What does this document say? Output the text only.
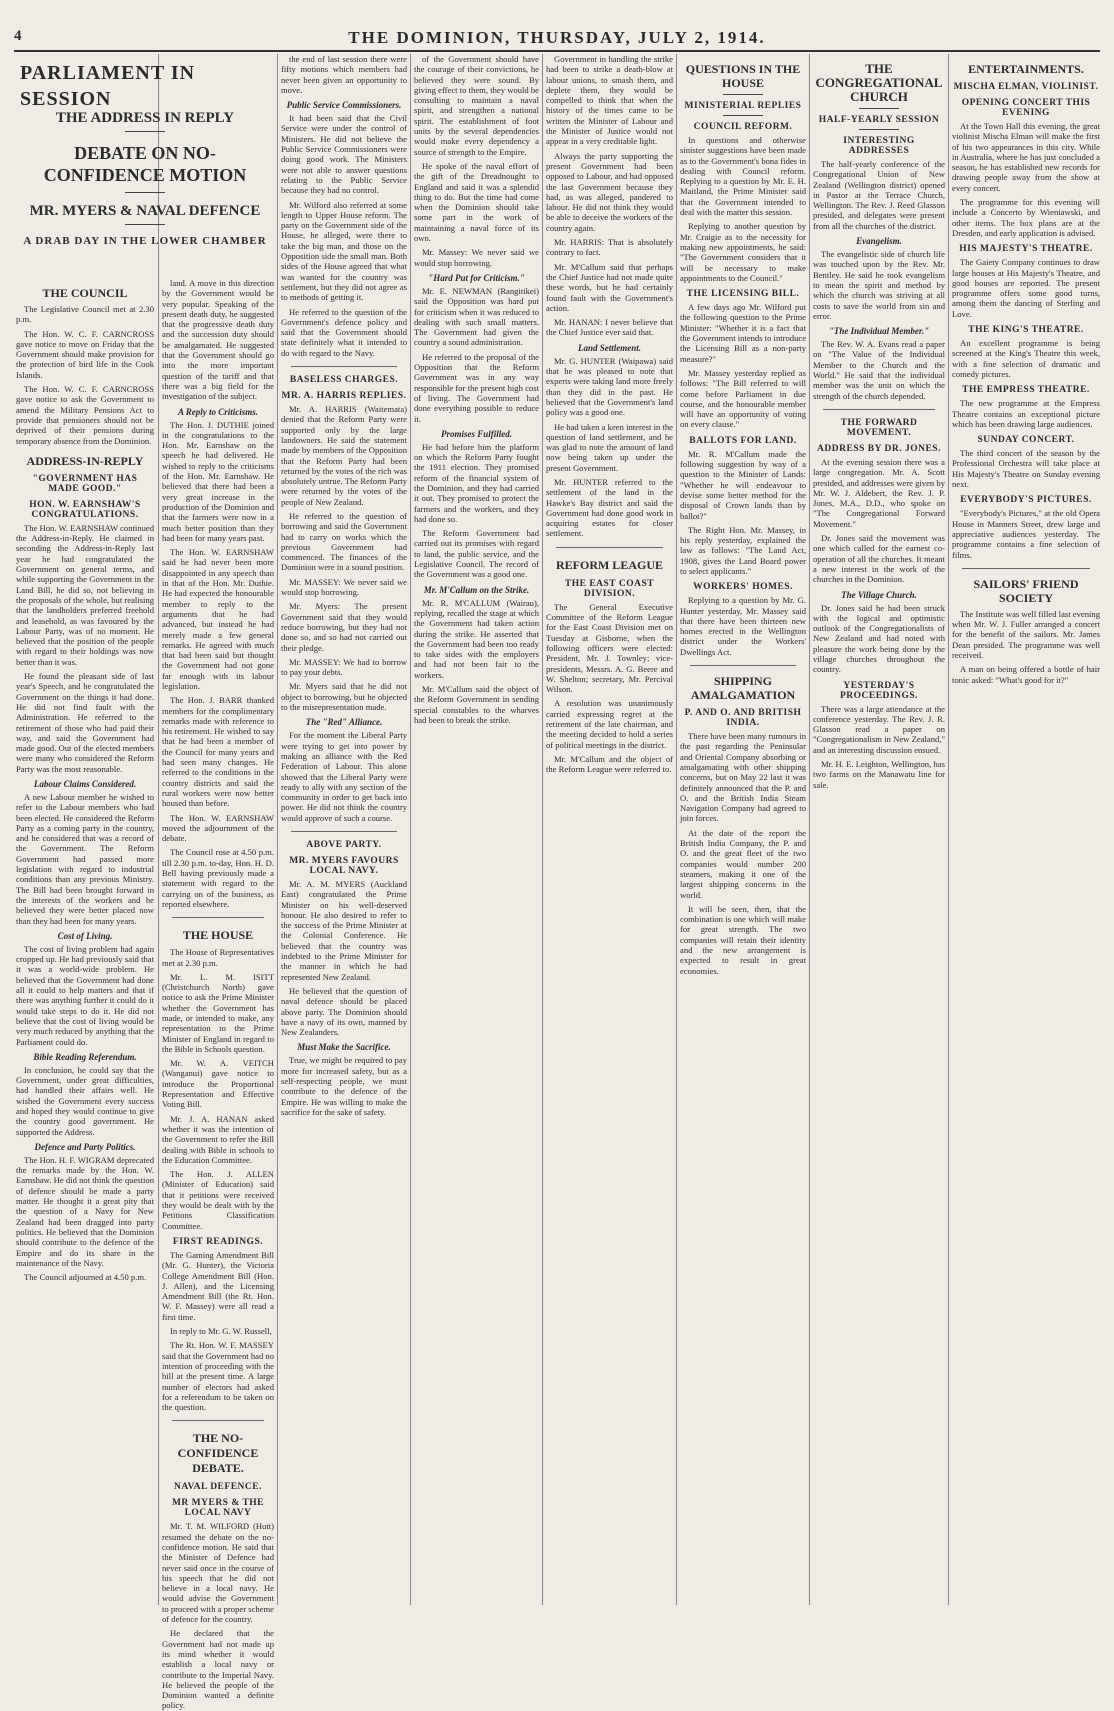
4	THE DOMINION, THURSDAY, JULY 2, 1914.
PARLIAMENT IN SESSION
THE ADDRESS IN REPLY
DEBATE ON NO-CONFIDENCE MOTION
MR. MYERS & NAVAL DEFENCE
A DRAB DAY IN THE LOWER CHAMBER
THE COUNCIL

The Legislative Council met at 2.30 p.m.

The Hon. W. C. F. CARNCROSS gave notice to move on Friday that the Government should make provision for the protection of bird life in the Cook Islands.

The Hon. W. C. F. CARNCROSS gave notice to ask the Government to amend the Military Pensions Act to provide that pensioners should not be deprived of their pensions during temporary absence from the Dominion.

ADDRESS-IN-REPLY
"GOVERNMENT HAS MADE GOOD."
HON. W. EARNSHAW'S CONGRATULATIONS.

The Hon. W. EARNSHAW continued the Address-in-Reply. He claimed in seconding the Address-in-Reply last year he had congratulated the Government on general terms, and while supporting the Government in the Land Bill, he did so, not believing in the proposals of the whole, but realising that the landholders preferred freehold and leasehold, as was favoured by the Labour Party, was of no moment. He believed that the position of the people with regard to their holdings was now better than it was.

He found the pleasant side of last year's Speech, and he congratulated the Government on the things it had done. He did not find fault with the Administration. He referred to the retirement of those who had paid their way, and said the Government had made good. Out of the elected members were many who considered the Reform Party was the most reasonable.

Labour Claims Considered.

A new Labour member he wished to refer to the Labour members who had been elected. He considered the Reform Party as a coming party in the country, and he considered that was a record of the Government. The Reform Government had passed more legislation with regard to industrial conditions than any previous Ministry. The Bill had been brought forward in the interests of the workers and he believed they were better placed now than they had been for many years.

Cost of Living.

The cost of living problem had again cropped up. He had previously said that it was a world-wide problem. He believed that the Government had done all it could to help matters and that if there was anything further it could do it would take steps to do it. He did not believe that the cost of living would be very much reduced by anything that the Parliament could do.

Bible Reading Referendum.

In conclusion, he could say that the Government, under great difficulties, had handled their affairs well. He wished the Government every success and hoped they would continue to give the country good government. He supported the Address.

Defence and Party Politics.

The Hon. H. F. WIGRAM deprecated the remarks made by the Hon. W. Earnshaw. He did not think the question of defence should be made a party matter. He thought it a great pity that the question of a Navy for New Zealand had been dragged into party politics. He believed that the Dominion should contribute to the defence of the Empire and do its share in the maintenance of the Navy.

The Council adjourned at 4.50 p.m.

land. A move in this direction by the Government would be very popular. Speaking of the present death duty, he suggested that the progressive death duty and the succession duty should be amalgamated. He suggested that the Government should go into the more important question of the tariff and that there was a big field for the investigation of the subject.

A Reply to Criticisms.

The Hon. J. DUTHIE joined in the congratulations to the Hon. Mr. Earnshaw on the speech he had delivered. He wished to reply to the criticisms of the Hon. Mr. Earnshaw. He believed that there had been a very great increase in the production of the Dominion and that the farmers were now in a much better position than they had been for many years past.

The Hon. W. EARNSHAW said he had never been more disappointed in any speech than in that of the Hon. Mr. Duthie. He had expected the honourable member to reply to the arguments that he had advanced, but instead he had merely made a few general remarks. He agreed with much that had been said but thought the Government had not gone far enough with its labour legislation.

The Hon. J. BARR thanked members for the complimentary remarks made with reference to his retirement. He wished to say that he had been a member of the Council for many years and had seen many changes. He referred to the conditions in the country districts and said the rural workers were now better housed than before.

The Hon. W. EARNSHAW moved the adjournment of the debate.

The Council rose at 4.50 p.m. till 2.30 p.m. to-day, Hon. H. D. Bell having previously made a statement with regard to the carrying on of the business, as reported elsewhere.

THE HOUSE

The House of Representatives met at 2.30 p.m.

Mr. L. M. ISITT (Christchurch North) gave notice to ask the Prime Minister whether the Government has made, or intended to make, any representation to the Prime Minister of England in regard to the Bible in Schools question.

Mr. W. A. VEITCH (Wanganui) gave notice to introduce the Proportional Representation and Effective Voting Bill.

Mr. J. A. HANAN asked whether it was the intention of the Government to refer the Bill dealing with Bible in schools to the Education Committee.

The Hon. J. ALLEN (Minister of Education) said that it petitions were received they would be dealt with by the Petitions Classification Committee.

FIRST READINGS.

The Gaming Amendment Bill (Mr. G. Hunter), the Victoria College Amendment Bill (Hon. J. Allen), and the Licensing Amendment Bill (the Rt. Hon. W. F. Massey) were all read a first time.

In reply to Mr. G. W. Russell,

The Rt. Hon. W. F. MASSEY said that the Government had no intention of proceeding with the bill at the present time. A large number of electors had asked for a referendum to be taken on the question.

THE NO-CONFIDENCE DEBATE.
NAVAL DEFENCE.
MR MYERS & THE LOCAL NAVY

Mr. T. M. WILFORD (Hutt) resumed the debate on the no-confidence motion. He said that the Minister of Defence had never said once in the course of his speech that he did not believe in a local navy. He would advise the Government to proceed with a proper scheme of defence for the country.

He declared that the Government had not made up its mind whether it would establish a local navy or contribute to the Imperial Navy. He believed the people of the Dominion wanted a definite policy.

the end of last session there were fifty motions which members had never been given an opportunity to move.

Public Service Commissioners.

It had been said that the Civil Service were under the control of Ministers. He did not believe the Public Service Commissioners were doing good work. The Ministers were not able to answer questions relating to the Public Service because they had no control.

Mr. Wilford also referred at some length to Upper House reform. The party on the Government side of the House, he alleged, were there to take the big man, and those on the Opposition side the small man. Both sides of the House agreed that what was wanted for the country was settlement, but they did not agree as to methods of getting it.

He referred to the question of the Government's defence policy and said that the Government should state definitely what it intended to do with regard to the Navy.

BASELESS CHARGES.
MR. A. HARRIS REPLIES.

Mr. A. HARRIS (Waitemata) denied that the Reform Party were supported only by the large landowners. He said the statement made by members of the Opposition that the Reform Party had been returned by the votes of the rich was absolutely untrue. The Reform Party were returned by the votes of the people of New Zealand.

He referred to the question of borrowing and said the Government had to carry on works which the previous Government had commenced. The finances of the Dominion were in a sound position.

Mr. MASSEY: We never said we would stop borrowing.

Mr. Myers: The present Government said that they would reduce borrowing, but they had not done so, and so had not carried out their pledge.

Mr. MASSEY: We had to borrow to pay your debts.

Mr. Myers said that he did not object to borrowing, but he objected to the misrepresentation made.

The "Red" Alliance.

For the moment the Liberal Party were trying to get into power by making an alliance with the Red Federation of Labour. This alone showed that the Liberal Party were ready to ally with any section of the community in order to get back into power. He did not think the country would approve of such a course.

ABOVE PARTY.
MR. MYERS FAVOURS LOCAL NAVY.

Mr. A. M. MYERS (Auckland East) congratulated the Prime Minister on his well-deserved honour. He also desired to refer to the success of the Prime Minister at the Colonial Conference. He believed that the country was indebted to the Prime Minister for the manner in which he had represented New Zealand.

He believed that the question of naval defence should be placed above party. The Dominion should have a navy of its own, manned by New Zealanders.

Must Make the Sacrifice.

True, we might be required to pay more for increased safety, but as a self-respecting people, we must contribute to the defence of the Empire. He was willing to make the sacrifice for the sake of safety.

of the Government should have the courage of their convictions, he believed they were sound. By giving effect to them, they would be consulting to maintain a naval spirit, and strengthen a national spirit. The establishment of foot units by the several dependencies would make every dependency a source of strength to the Empire.

He spoke of the naval effort of the gift of the Dreadnought to England and said it was a splendid thing to do. But the time had come when the Dominion should take some part in the work of maintaining a naval force of its own.

Mr. Massey: We never said we would stop borrowing.

"Hard Put for Criticism."

Mr. E. NEWMAN (Rangitikei) said the Opposition was hard put for criticism when it was reduced to dealing with such small matters. The Government had given the country a sound administration.

He referred to the proposal of the Opposition that the Reform Government was in any way responsible for the present high cost of living. The Government had done everything possible to reduce it.

Promises Fulfilled.

He had before him the platform on which the Reform Party fought the 1911 election. They promised reform of the financial system of the Dominion, and they had carried it out. They promised to protect the farmers and the workers, and they had done so.

The Reform Government had carried out its promises with regard to land, the public service, and the Legislative Council. The record of the Government was a good one.

Mr. M'Callum on the Strike.

Mr. R. M'CALLUM (Wairau), replying, recalled the stage at which the Government had taken action during the strike. He asserted that the Government had been too ready to take sides with the employers and had not been fair to the workers.

Mr. M'Callum said the object of the Reform Government in sending special constables to the wharves had been to break the strike.

Government in handling the strike had been to strike a death-blow at labour unions, to smash them, and deplete them, they would be compelled to think that when the history of the times came to be written the Minister of Labour and the Minister of Justice would not appear in a very creditable light.

Always the party supporting the present Government had been opposed to Labour, and had opposed the last Government because they had, as was alleged, pandered to labour. He did not think they would be able to deceive the workers of the country again.

Mr. HARRIS: That is absolutely contrary to fact.

Mr. M'Callum said that perhaps the Chief Justice had not made quite these words, but he had certainly found fault with the Government's action.

Mr. HANAN: I never believe that the Chief Justice ever said that.

Land Settlement.

Mr. G. HUNTER (Waipawa) said that he was pleased to note that experts were taking land more freely than they did in the past. He believed that the Government's land policy was a good one.

He had taken a keen interest in the question of land settlement, and he was glad to note the amount of land now being taken up under the present Government.

Mr. HUNTER referred to the settlement of the land in the Hawke's Bay district and said the Government had done good work in acquiring estates for closer settlement.

REFORM LEAGUE
THE EAST COAST DIVISION.

The General Executive Committee of the Reform League for the East Coast Division met on Tuesday at Gisborne, when the following officers were elected: President, Mr. J. Townley; vice-presidents, Messrs. A. G. Beere and W. Shelton; secretary, Mr. Percival Wilson.

A resolution was unanimously carried expressing regret at the retirement of the late chairman, and the meeting decided to hold a series of political meetings in the district.

Mr. M'Callum and the object of the Reform League were referred to.

QUESTIONS IN THE HOUSE
MINISTERIAL REPLIES
COUNCIL REFORM.

In questions and otherwise sinister suggestions have been made as to the Government's bona fides in dealing with Council reform. Replying to a question by Mr. E. H. Maitland, the Prime Minister said that the Government intended to deal with the matter this session.

Replying to another question by Mr. Craigie as to the necessity for making new appointments, he said: "The Government considers that it will be necessary to make appointments to the Council."

THE LICENSING BILL.

A few days ago Mr. Wilford put the following question to the Prime Minister: "Whether it is a fact that the Government intends to introduce the Licensing Bill as a non-party measure?"

Mr. Massey yesterday replied as follows: "The Bill referred to will come before Parliament in due course, and the honourable member will have an opportunity of voting on every clause."

BALLOTS FOR LAND.

Mr. R. M'Callum made the following suggestion by way of a question to the Minister of Lands: "Whether he will endeavour to devise some better method for the disposal of Crown lands than by ballot?"

The Right Hon. Mr. Massey, in his reply yesterday, explained the law as follows: "The Land Act, 1908, gives the Land Board power to select applicants."

WORKERS' HOMES.

Replying to a question by Mr. G. Hunter yesterday, Mr. Massey said that there have been thirteen new homes erected in the Wellington district under the Workers' Dwellings Act.

SHIPPING AMALGAMATION
P. AND O. AND BRITISH INDIA.

There have been many rumours in the past regarding the Peninsular and Oriental Company absorbing or amalgamating with other shipping concerns, but on May 22 last it was definitely announced that the P. and O. and the British India Steam Navigation Company had agreed to join forces.

At the date of the report the British India Company, the P. and O. and the great fleet of the two companies would number 200 steamers, making it one of the largest shipping concerns in the world.

It will be seen, then, that the combination is one which will make for great strength. The two companies will retain their identity and the new arrangement is expected to result in great economies.

THE CONGREGATIONAL CHURCH
HALF-YEARLY SESSION
INTERESTING ADDRESSES

The half-yearly conference of the Congregational Union of New Zealand (Wellington district) opened in Pastor at the Terrace Church, Wellington. The Rev. J. Reed Glasson presided, and delegates were present from all the churches of the district.

Evangelism.

The evangelistic side of church life was touched upon by the Rev. Mr. Bentley. He said he took evangelism to mean the spirit and method by which the church was striving at all costs to save the world from sin and error.

"The Individual Member."

The Rev. W. A. Evans read a paper on "The Value of the Individual Member to the Church and the World." He said that the individual member was the unit on which the strength of the church depended.

THE FORWARD MOVEMENT.
ADDRESS BY DR. JONES.

At the evening session there was a large congregation. Mr. A. Scott presided, and addresses were given by Mr. W. J. Aldebert, the Rev. J. P. Jones, M.A., D.D., who spoke on "The Congregational Forward Movement."

Dr. Jones said the movement was one which called for the earnest co-operation of all the churches. It meant a new interest in the work of the churches in the Dominion.

The Village Church.

Dr. Jones said he had been struck with the logical and optimistic outlook of the Congregationalists of New Zealand and had noted with pleasure the work being done by the village churches throughout the country.

YESTERDAY'S PROCEEDINGS.

There was a large attendance at the conference yesterday. The Rev. J. R. Glasson read a paper on "Congregationalism in New Zealand," and an interesting discussion ensued.

Mr. H. E. Leighton, Wellington, has two farms on the Manawatu line for sale.

ENTERTAINMENTS.
MISCHA ELMAN, VIOLINIST.
OPENING CONCERT THIS EVENING

At the Town Hall this evening, the great violinist Mischa Elman will make the first of his two appearances in this city. While in Australia, where he has just concluded a season, he has established new records for drawing people away from the show at every concert.

The programme for this evening will include a Concerto by Wieniawski, and other items. The box plans are at the Dresden, and early application is advised.

HIS MAJESTY'S THEATRE.

The Gaiety Company continues to draw large houses at His Majesty's Theatre, and good houses are reported. The present programme offers some good turns, among them the dancing of Sterling and Love.

THE KING'S THEATRE.

An excellent programme is being screened at the King's Theatre this week, with a fine selection of dramatic and comedy pictures.

THE EMPRESS THEATRE.

The new programme at the Empress Theatre contains an exceptional picture which has been drawing large audiences.

SUNDAY CONCERT.

The third concert of the season by the Professional Orchestra will take place at His Majesty's Theatre on Sunday evening next.

EVERYBODY'S PICTURES.

"Everybody's Pictures," at the old Opera House in Manners Street, drew large and appreciative audiences yesterday. The programme contains a fine selection of films.

SAILORS' FRIEND SOCIETY

The Institute was well filled last evening when Mr. W. J. Fuller arranged a concert for the benefit of the sailors. Mr. James Dean presided. The programme was well received.

A man on being offered a bottle of hair tonic asked: "What's good for it?"
